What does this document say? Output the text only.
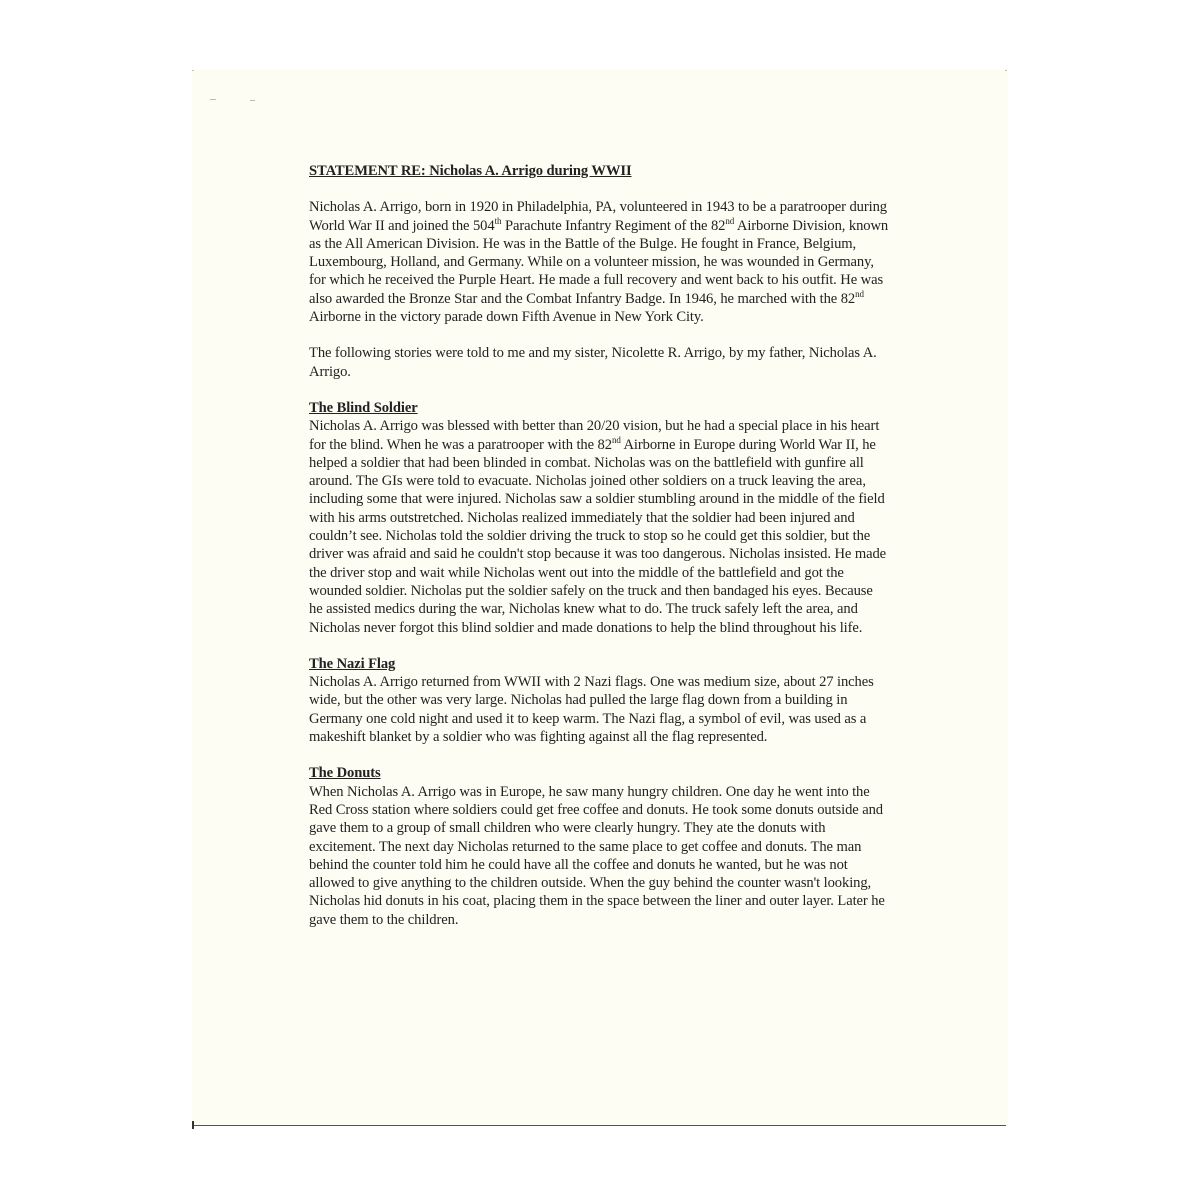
STATEMENT RE: Nicholas A. Arrigo during WWII
Nicholas A. Arrigo, born in 1920 in Philadelphia, PA, volunteered in 1943 to be a paratrooper during World War II and joined the 504th Parachute Infantry Regiment of the 82nd Airborne Division, known as the All American Division. He was in the Battle of the Bulge. He fought in France, Belgium, Luxembourg, Holland, and Germany. While on a volunteer mission, he was wounded in Germany, for which he received the Purple Heart. He made a full recovery and went back to his outfit. He was also awarded the Bronze Star and the Combat Infantry Badge. In 1946, he marched with the 82nd Airborne in the victory parade down Fifth Avenue in New York City.
The following stories were told to me and my sister, Nicolette R. Arrigo, by my father, Nicholas A. Arrigo.
The Blind Soldier
Nicholas A. Arrigo was blessed with better than 20/20 vision, but he had a special place in his heart for the blind. When he was a paratrooper with the 82nd Airborne in Europe during World War II, he helped a soldier that had been blinded in combat. Nicholas was on the battlefield with gunfire all around. The GIs were told to evacuate. Nicholas joined other soldiers on a truck leaving the area, including some that were injured. Nicholas saw a soldier stumbling around in the middle of the field with his arms outstretched. Nicholas realized immediately that the soldier had been injured and couldn’t see. Nicholas told the soldier driving the truck to stop so he could get this soldier, but the driver was afraid and said he couldn't stop because it was too dangerous. Nicholas insisted. He made the driver stop and wait while Nicholas went out into the middle of the battlefield and got the wounded soldier. Nicholas put the soldier safely on the truck and then bandaged his eyes. Because he assisted medics during the war, Nicholas knew what to do. The truck safely left the area, and Nicholas never forgot this blind soldier and made donations to help the blind throughout his life.
The Nazi Flag
Nicholas A. Arrigo returned from WWII with 2 Nazi flags. One was medium size, about 27 inches wide, but the other was very large. Nicholas had pulled the large flag down from a building in Germany one cold night and used it to keep warm. The Nazi flag, a symbol of evil, was used as a makeshift blanket by a soldier who was fighting against all the flag represented.
The Donuts
When Nicholas A. Arrigo was in Europe, he saw many hungry children. One day he went into the Red Cross station where soldiers could get free coffee and donuts. He took some donuts outside and gave them to a group of small children who were clearly hungry. They ate the donuts with excitement. The next day Nicholas returned to the same place to get coffee and donuts. The man behind the counter told him he could have all the coffee and donuts he wanted, but he was not allowed to give anything to the children outside. When the guy behind the counter wasn't looking, Nicholas hid donuts in his coat, placing them in the space between the liner and outer layer. Later he gave them to the children.
